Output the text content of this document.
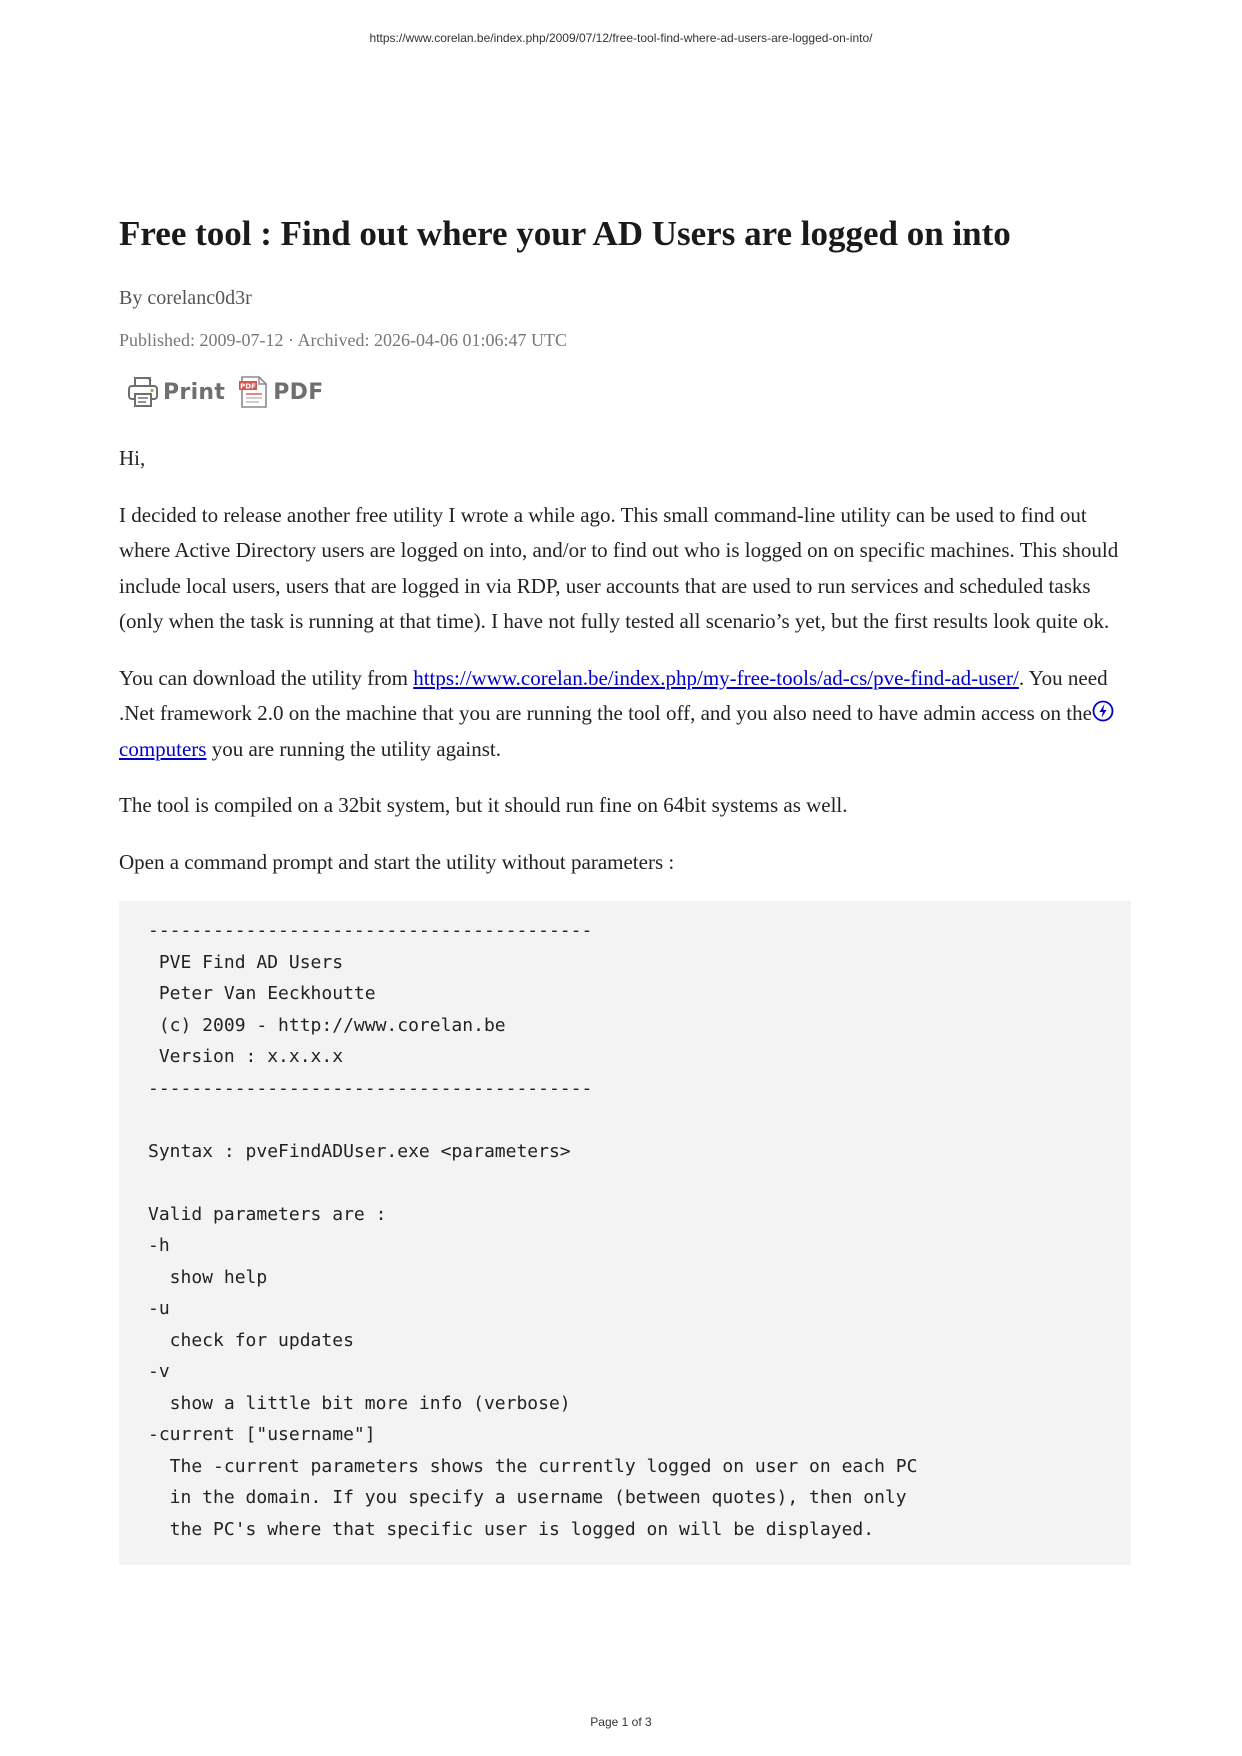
https://www.corelan.be/index.php/2009/07/12/free-tool-find-where-ad-users-are-logged-on-into/
Free tool : Find out where your AD Users are logged on into
By corelanc0d3r
Published: 2009-07-12 · Archived: 2026-04-06 01:06:47 UTC
Print PDF PDF

Hi,

I decided to release another free utility I wrote a while ago. This small command-line utility can be used to find out where Active Directory users are logged on into, and/or to find out who is logged on on specific machines. This should include local users, users that are logged in via RDP, user accounts that are used to run services and scheduled tasks (only when the task is running at that time). I have not fully tested all scenario’s yet, but the first results look quite ok.

You can download the utility from https://www.corelan.be/index.php/my-free-tools/ad-cs/pve-find-ad-user/. You need .Net framework 2.0 on the machine that you are running the tool off, and you also need to have admin access on the
computers you are running the utility against.

The tool is compiled on a 32bit system, but it should run fine on 64bit systems as well.

Open a command prompt and start the utility without parameters :

-----------------------------------------
PVE Find AD Users
Peter Van Eeckhoutte
(c) 2009 - http://www.corelan.be
Version : x.x.x.x
-----------------------------------------

Syntax : pveFindADUser.exe <parameters>

Valid parameters are :
-h
show help
-u
check for updates
-v
show a little bit more info (verbose)
-current ["username"]
The -current parameters shows the currently logged on user on each PC
in the domain. If you specify a username (between quotes), then only
the PC's where that specific user is logged on will be displayed.
Page 1 of 3
